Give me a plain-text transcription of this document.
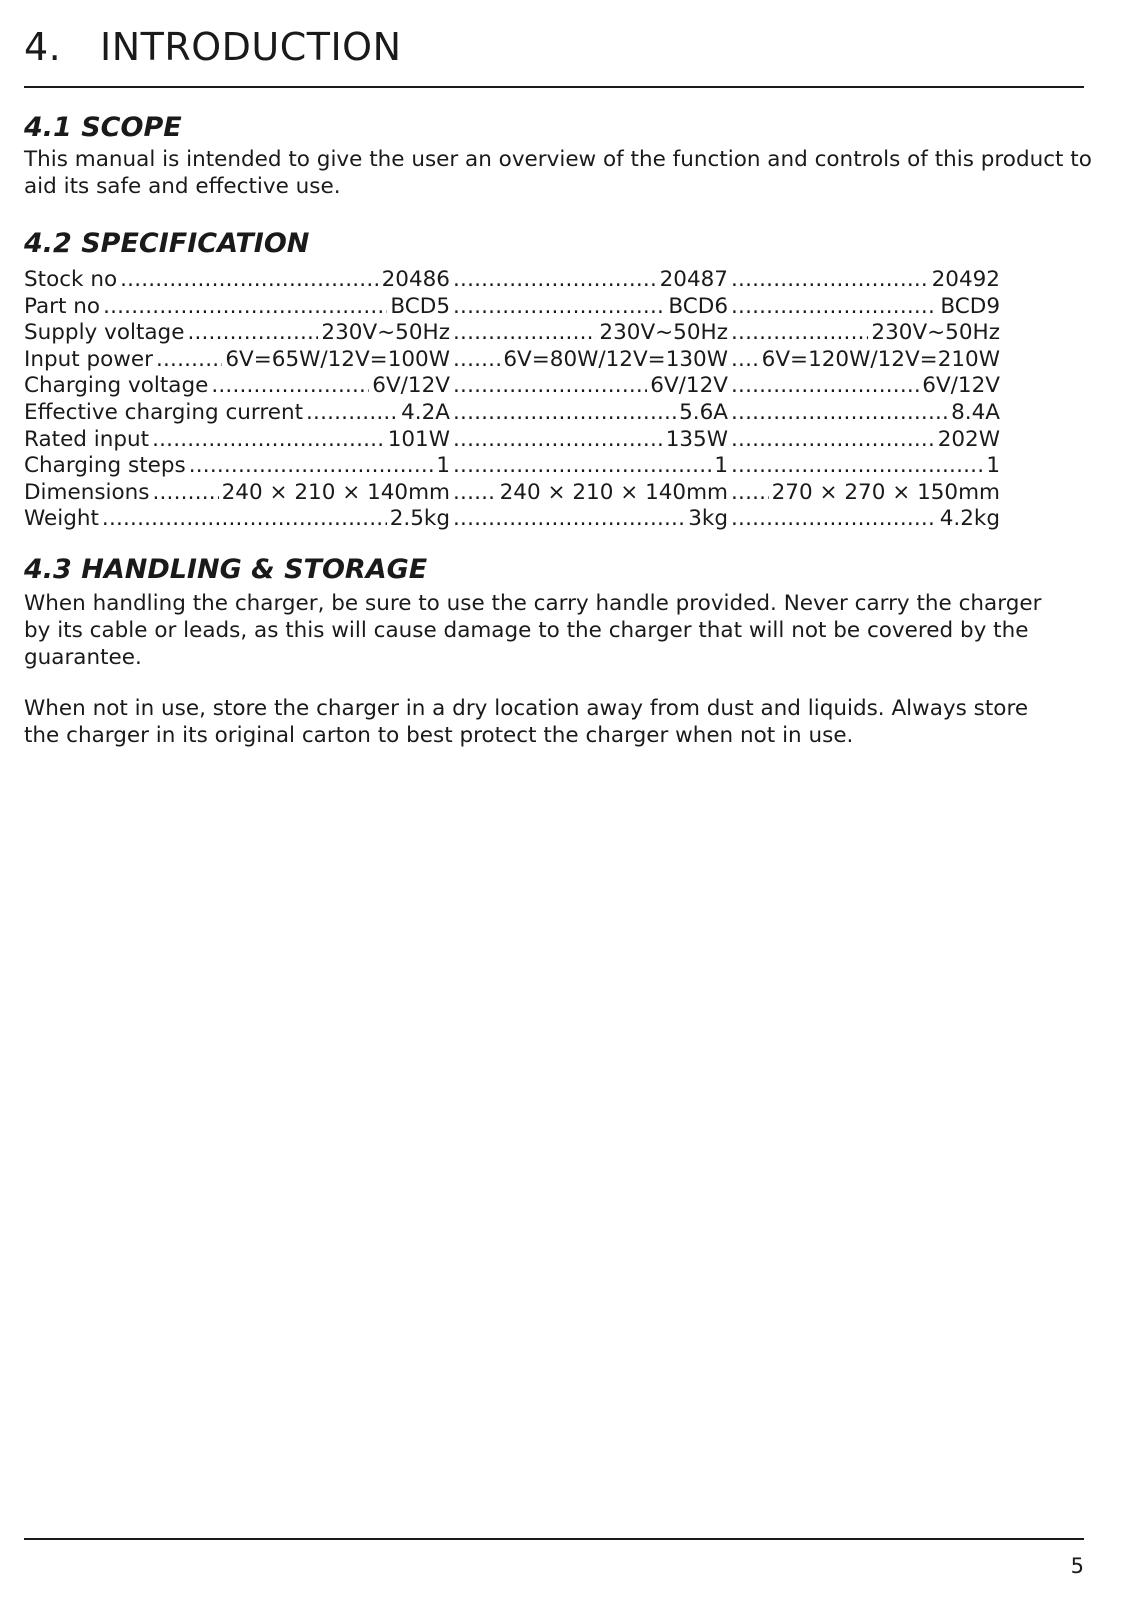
4. INTRODUCTION
4.1 SCOPE

This manual is intended to give the user an overview of the function and controls of this product to aid its safe and effective use.

4.2 SPECIFICATION
Stock no .....	20486 .....	20487 .....	20492
Part no .....	BCD5 .....	BCD6 .....	BCD9
Supply voltage .....	230V~50Hz .....	230V~50Hz .....	230V~50Hz
Input power .....	6V=65W/12V=100W ..... 6V=80W/12V=130W ..... 6V=120W/12V=210W
Charging voltage .....	6V/12V .....	6V/12V .....	6V/12V
Effective charging current .....	4.2A .....	5.6A .....	8.4A
Rated input .....	101W .....	135W .....	202W
Charging steps .....	1 .....	1 .....	1
Dimensions .....	240 × 210 × 140mm ..... 240 × 210 × 140mm ..... 270 × 270 × 150mm
Weight .....	2.5kg .....	3kg .....	4.2kg
4.3 HANDLING & STORAGE

When handling the charger, be sure to use the carry handle provided. Never carry the charger by its cable or leads, as this will cause damage to the charger that will not be covered by the guarantee.

When not in use, store the charger in a dry location away from dust and liquids. Always store the charger in its original carton to best protect the charger when not in use.

5
